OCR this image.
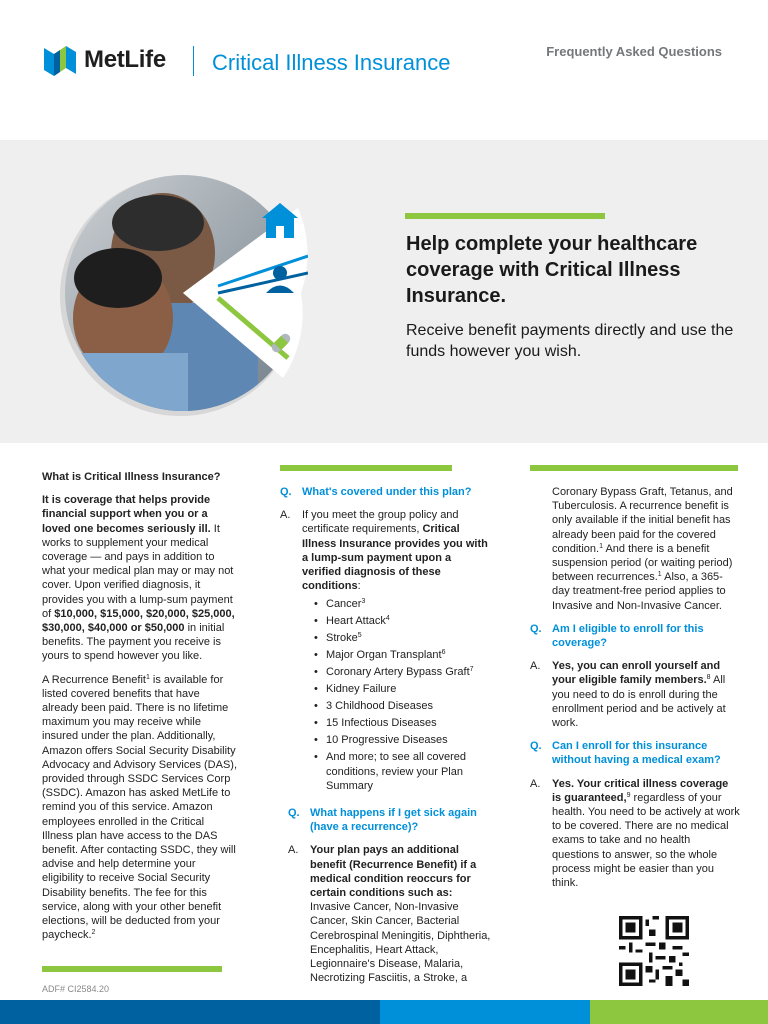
MetLife Critical Illness Insurance	Frequently Asked Questions
Help complete your healthcare coverage with Critical Illness Insurance.
Receive benefit payments directly and use the funds however you wish.
What is Critical Illness Insurance?

It is coverage that helps provide financial support when you or a loved one becomes seriously ill. It works to supplement your medical coverage — and pays in addition to what your medical plan may or may not cover. Upon verified diagnosis, it provides you with a lump-sum payment of $10,000, $15,000, $20,000, $25,000, $30,000, $40,000 or $50,000 in initial benefits. The payment you receive is yours to spend however you like.

A Recurrence Benefit$^1$ is available for listed covered benefits that have already been paid. There is no lifetime maximum you may receive while insured under the plan. Additionally, Amazon offers Social Security Disability Advocacy and Advisory Services (DAS), provided through SSDC Services Corp (SSDC). Amazon has asked MetLife to remind you of this service. Amazon employees enrolled in the Critical Illness plan have access to the DAS benefit. After contacting SSDC, they will advise and help determine your eligibility to receive Social Security Disability benefits. The fee for this service, along with your other benefit elections, will be deducted from your paycheck.$^2$

ADF# CI2584.20
Q. What's covered under this plan?
A.	If you meet the group policy and certificate requirements, Critical Illness Insurance provides you with a lump-sum payment upon a verified diagnosis of these conditions:
• Cancer$^3$
• Heart Attack$^4$
• Stroke$^5$
• Major Organ Transplant$^6$
• Coronary Artery Bypass Graft$^7$
• Kidney Failure
• 3 Childhood Diseases
• 15 Infectious Diseases
• 10 Progressive Diseases
• And more; to see all covered conditions, review your Plan Summary
Q. What happens if I get sick again (have a recurrence)?
A.	Your plan pays an additional benefit (Recurrence Benefit) if a medical condition reoccurs for certain conditions such as: Invasive Cancer, Non-Invasive Cancer, Skin Cancer, Bacterial Cerebrospinal Meningitis, Diphtheria, Encephalitis, Heart Attack, Legionnaire's Disease, Malaria, Necrotizing Fasciitis, a Stroke, a

Coronary Bypass Graft, Tetanus, and Tuberculosis. A recurrence benefit is only available if the initial benefit has already been paid for the covered condition.$^1$ And there is a benefit suspension period (or waiting period) between recurrences.$^1$ Also, a 365-day treatment-free period applies to Invasive and Non-Invasive Cancer.

Q. Am I eligible to enroll for this coverage?
A.	Yes, you can enroll yourself and your eligible family members.$^8$ All you need to do is enroll during the enrollment period and be actively at work.
Q. Can I enroll for this insurance without having a medical exam?
A.	Yes. Your critical illness coverage is guaranteed,$^9$ regardless of your health. You need to be actively at work to be covered. There are no medical exams to take and no health questions to answer, so the whole process might be easier than you think.
